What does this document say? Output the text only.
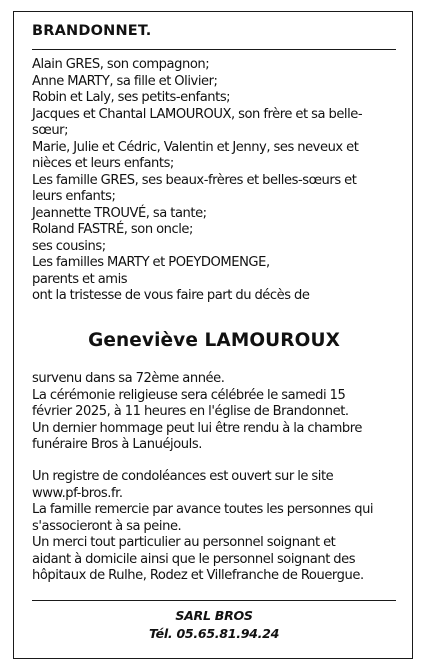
BRANDONNET.
Alain GRES, son compagnon;
Anne MARTY, sa fille et Olivier;
Robin et Laly, ses petits-enfants;
Jacques et Chantal LAMOUROUX, son frère et sa belle-
sœur;
Marie, Julie et Cédric, Valentin et Jenny, ses neveux et
nièces et leurs enfants;
Les famille GRES, ses beaux-frères et belles-sœurs et
leurs enfants;
Jeannette TROUVÉ, sa tante;
Roland FASTRÉ, son oncle;
ses cousins;
Les familles MARTY et POEYDOMENGE,
parents et amis
ont la tristesse de vous faire part du décès de
Geneviève LAMOUROUX
survenu dans sa 72ème année.
La cérémonie religieuse sera célébrée le samedi 15
février 2025, à 11 heures en l'église de Brandonnet.
Un dernier hommage peut lui être rendu à la chambre
funéraire Bros à Lanuéjouls.
Un registre de condoléances est ouvert sur le site
www.pf-bros.fr.
La famille remercie par avance toutes les personnes qui
s'associeront à sa peine.
Un merci tout particulier au personnel soignant et
aidant à domicile ainsi que le personnel soignant des
hôpitaux de Rulhe, Rodez et Villefranche de Rouergue.
SARL BROS
Tél. 05.65.81.94.24
